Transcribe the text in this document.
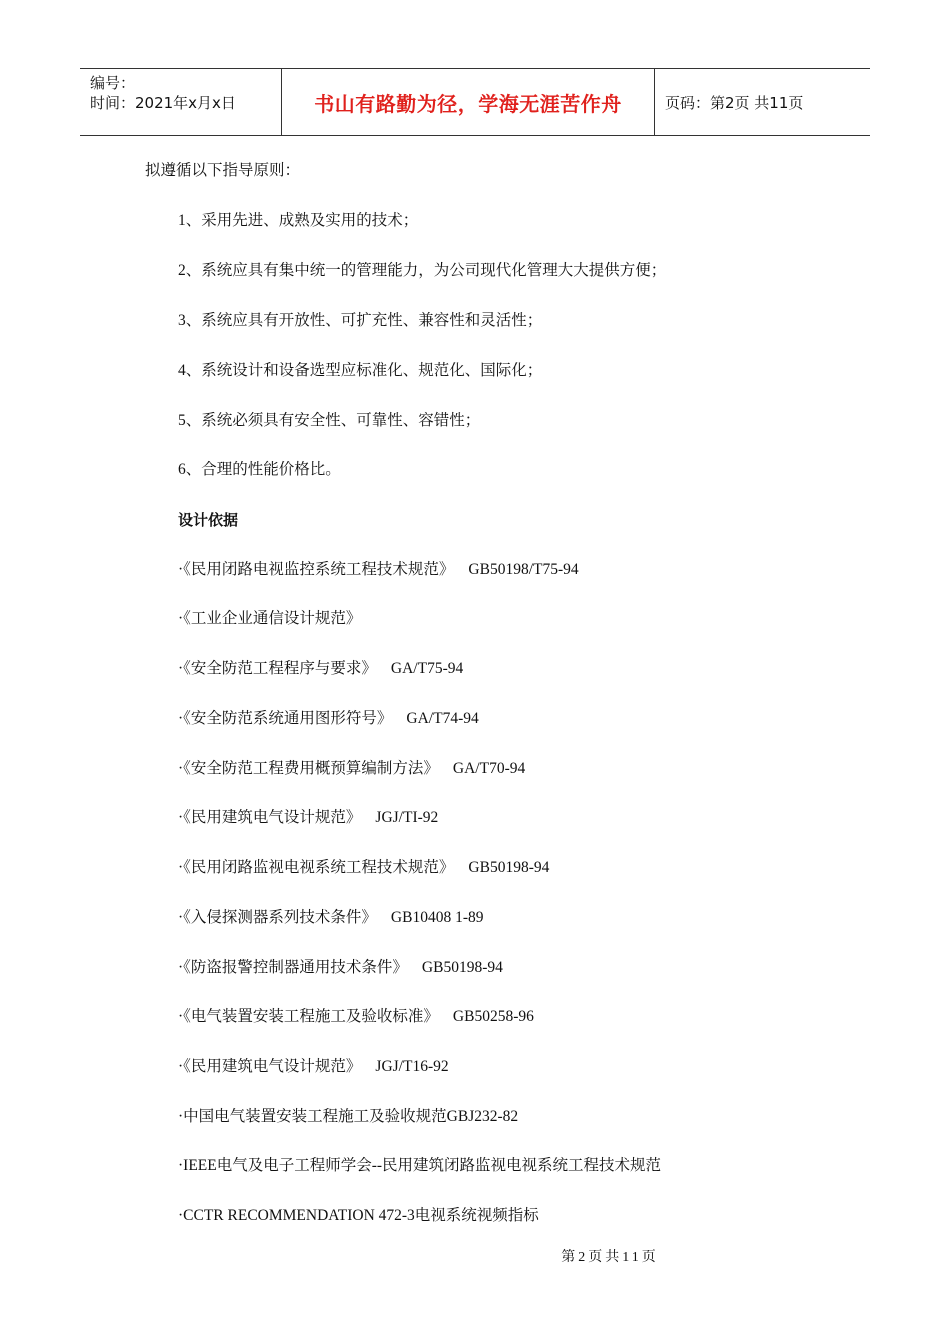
编号：
时间：2021年x月x日	书山有路勤为径，学海无涯苦作舟	页码：第2页 共11页
拟遵循以下指导原则：
1、采用先进、成熟及实用的技术；
2、系统应具有集中统一的管理能力，为公司现代化管理大大提供方便；
3、系统应具有开放性、可扩充性、兼容性和灵活性；
4、系统设计和设备选型应标准化、规范化、国际化；
5、系统必须具有安全性、可靠性、容错性；
6、合理的性能价格比。
设计依据
·《民用闭路电视监控系统工程技术规范》 GB50198/T75-94
·《工业企业通信设计规范》
·《安全防范工程程序与要求》 GA/T75-94
·《安全防范系统通用图形符号》 GA/T74-94
·《安全防范工程费用概预算编制方法》 GA/T70-94
·《民用建筑电气设计规范》 JGJ/TI-92
·《民用闭路监视电视系统工程技术规范》 GB50198-94
·《入侵探测器系列技术条件》 GB10408 1-89
·《防盗报警控制器通用技术条件》 GB50198-94
·《电气装置安装工程施工及验收标准》 GB50258-96
·《民用建筑电气设计规范》 JGJ/T16-92
·中国电气装置安装工程施工及验收规范GBJ232-82
·IEEE电气及电子工程师学会--民用建筑闭路监视电视系统工程技术规范
·CCTR RECOMMENDATION 472-3电视系统视频指标
第2页共11页
